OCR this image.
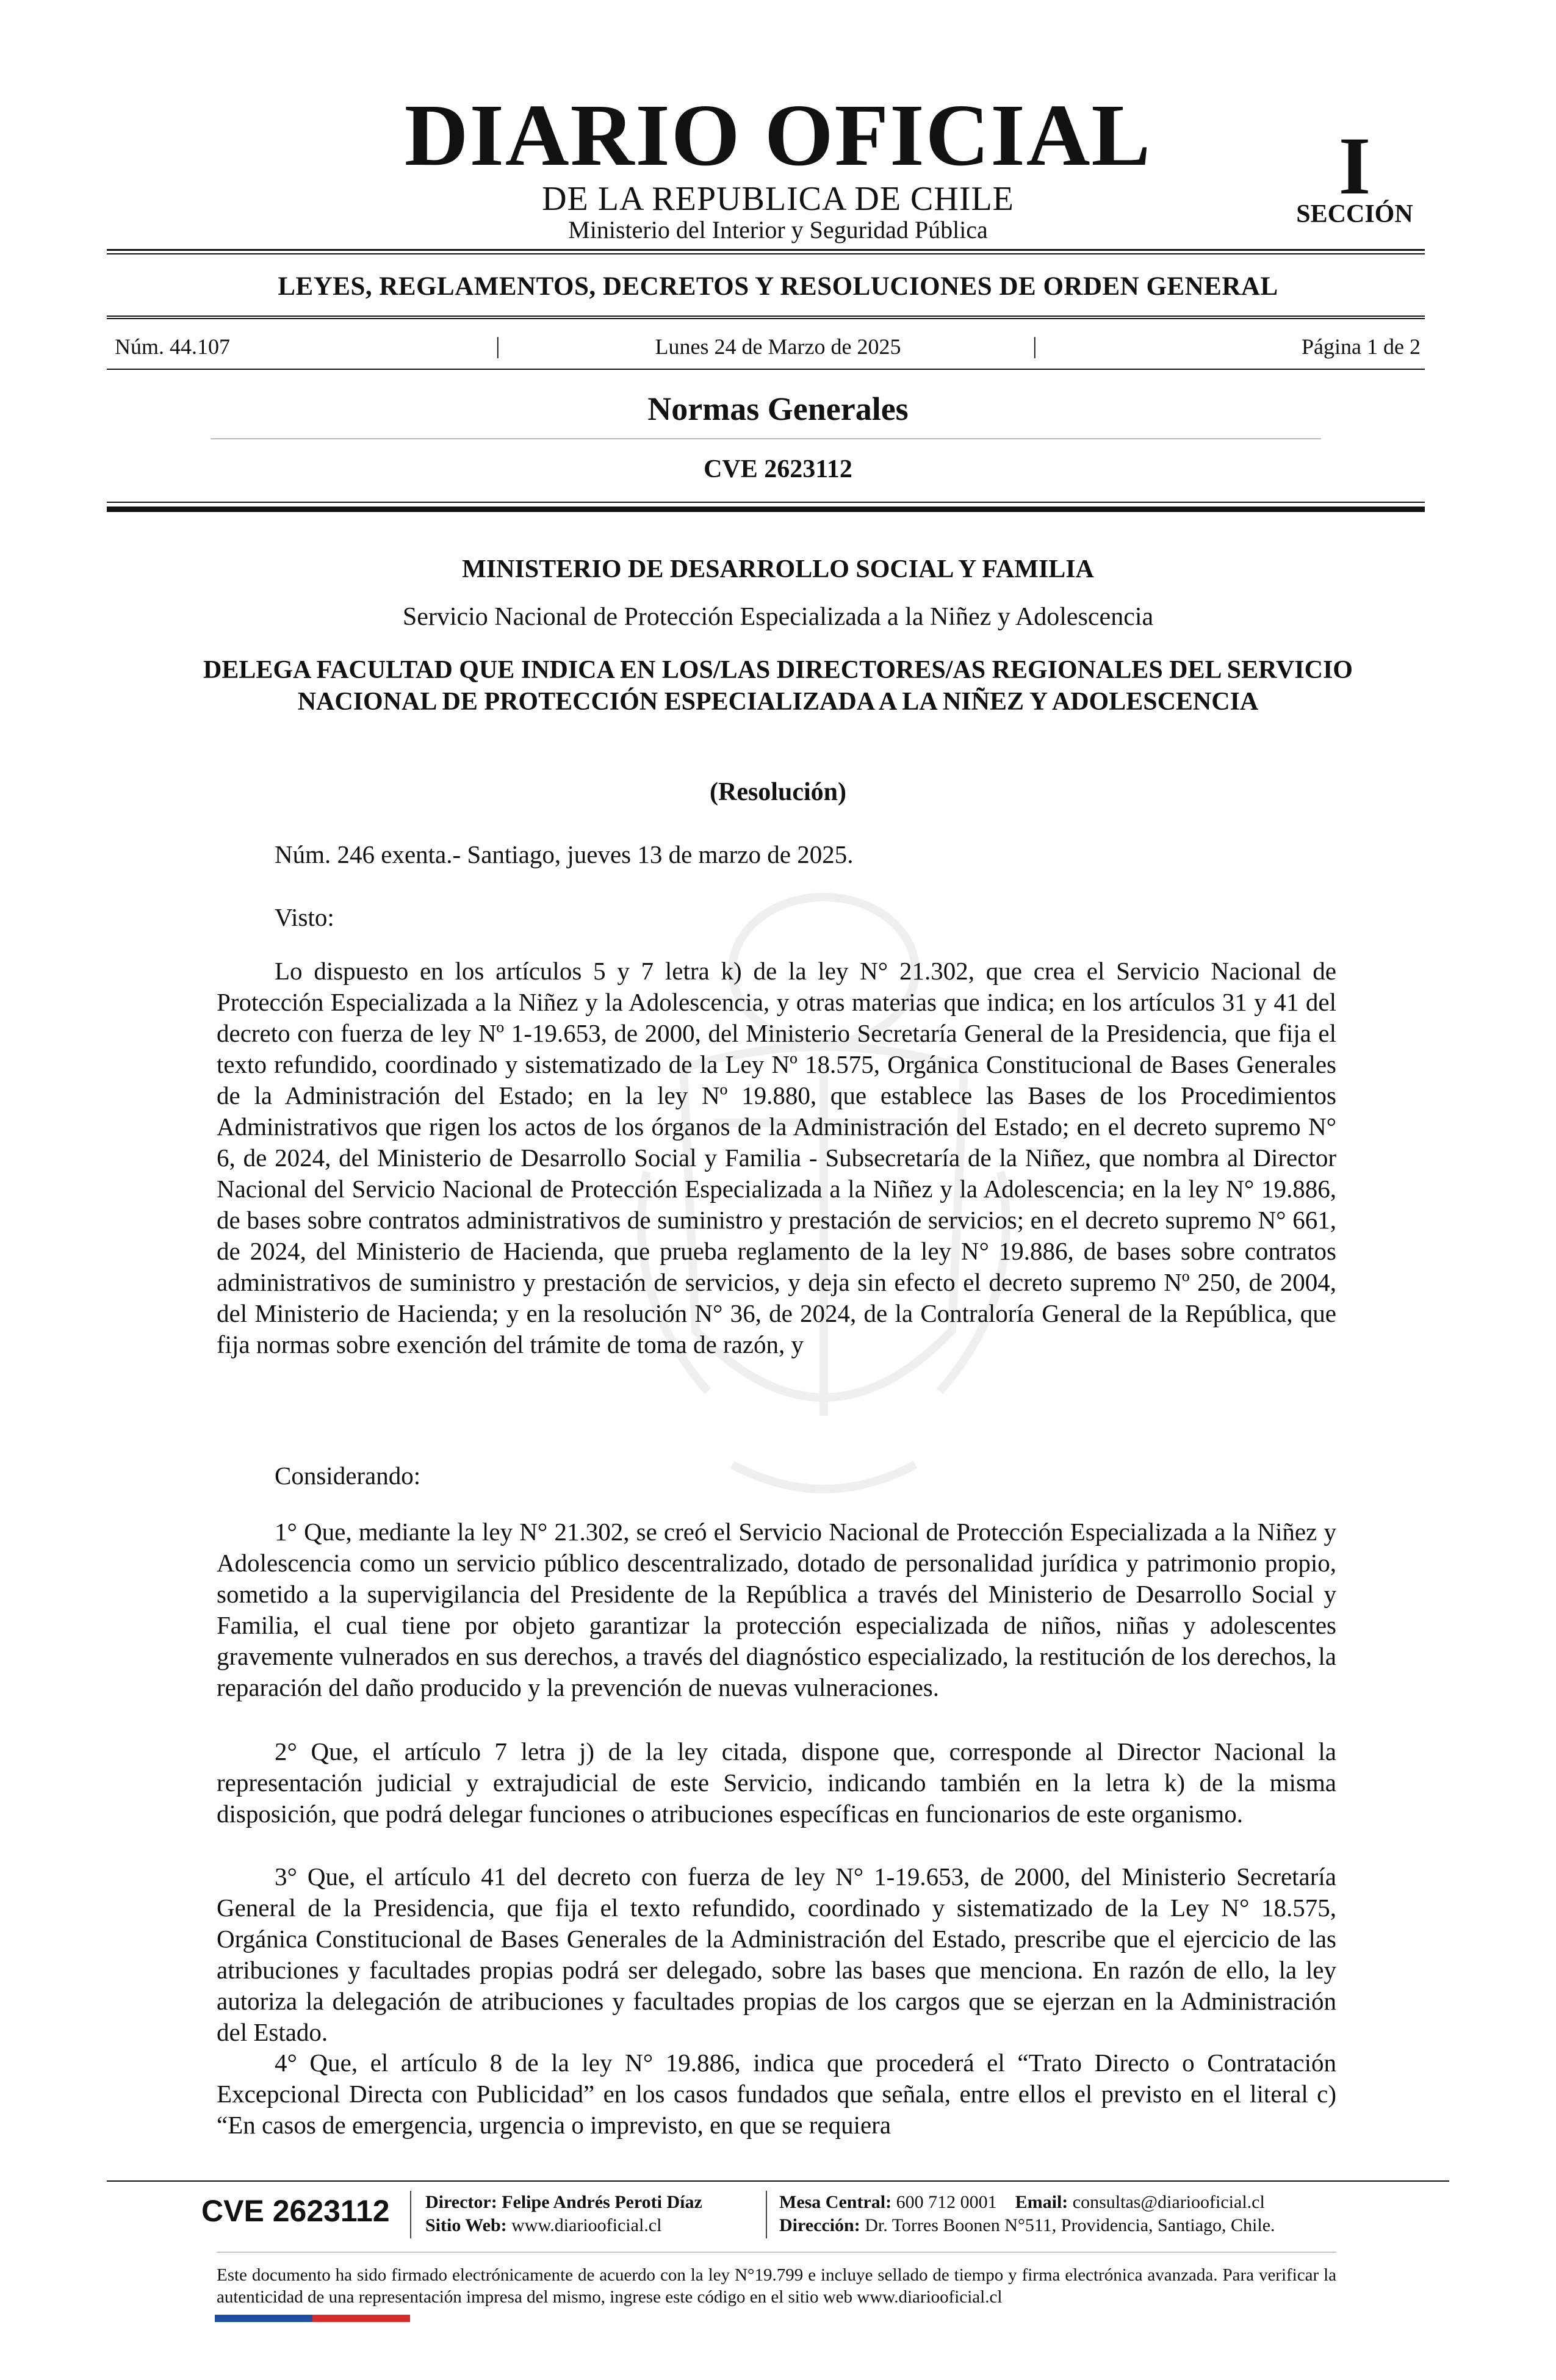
DIARIO OFICIAL
DE LA REPUBLICA DE CHILE
Ministerio del Interior y Seguridad Pública
I
SECCIÓN
LEYES, REGLAMENTOS, DECRETOS Y RESOLUCIONES DE ORDEN GENERAL
Núm. 44.107	|	Lunes 24 de Marzo de 2025	|	Página 1 de 2
Normas Generales
CVE 2623112
MINISTERIO DE DESARROLLO SOCIAL Y FAMILIA
Servicio Nacional de Protección Especializada a la Niñez y Adolescencia
DELEGA FACULTAD QUE INDICA EN LOS/LAS DIRECTORES/AS REGIONALES DEL SERVICIO NACIONAL DE PROTECCIÓN ESPECIALIZADA A LA NIÑEZ Y ADOLESCENCIA
(Resolución)
Núm. 246 exenta.- Santiago, jueves 13 de marzo de 2025.
Visto:

Lo dispuesto en los artículos 5 y 7 letra k) de la ley N° 21.302, que crea el Servicio Nacional de Protección Especializada a la Niñez y la Adolescencia, y otras materias que indica; en los artículos 31 y 41 del decreto con fuerza de ley Nº 1-19.653, de 2000, del Ministerio Secretaría General de la Presidencia, que fija el texto refundido, coordinado y sistematizado de la Ley Nº 18.575, Orgánica Constitucional de Bases Generales de la Administración del Estado; en la ley Nº 19.880, que establece las Bases de los Procedimientos Administrativos que rigen los actos de los órganos de la Administración del Estado; en el decreto supremo N° 6, de 2024, del Ministerio de Desarrollo Social y Familia - Subsecretaría de la Niñez, que nombra al Director Nacional del Servicio Nacional de Protección Especializada a la Niñez y la Adolescencia; en la ley N° 19.886, de bases sobre contratos administrativos de suministro y prestación de servicios; en el decreto supremo N° 661, de 2024, del Ministerio de Hacienda, que prueba reglamento de la ley N° 19.886, de bases sobre contratos administrativos de suministro y prestación de servicios, y deja sin efecto el decreto supremo Nº 250, de 2004, del Ministerio de Hacienda; y en la resolución N° 36, de 2024, de la Contraloría General de la República, que fija normas sobre exención del trámite de toma de razón, y

Considerando:

1° Que, mediante la ley N° 21.302, se creó el Servicio Nacional de Protección Especializada a la Niñez y Adolescencia como un servicio público descentralizado, dotado de personalidad jurídica y patrimonio propio, sometido a la supervigilancia del Presidente de la República a través del Ministerio de Desarrollo Social y Familia, el cual tiene por objeto garantizar la protección especializada de niños, niñas y adolescentes gravemente vulnerados en sus derechos, a través del diagnóstico especializado, la restitución de los derechos, la reparación del daño producido y la prevención de nuevas vulneraciones.

2° Que, el artículo 7 letra j) de la ley citada, dispone que, corresponde al Director Nacional la representación judicial y extrajudicial de este Servicio, indicando también en la letra k) de la misma disposición, que podrá delegar funciones o atribuciones específicas en funcionarios de este organismo.

3° Que, el artículo 41 del decreto con fuerza de ley N° 1-19.653, de 2000, del Ministerio Secretaría General de la Presidencia, que fija el texto refundido, coordinado y sistematizado de la Ley N° 18.575, Orgánica Constitucional de Bases Generales de la Administración del Estado, prescribe que el ejercicio de las atribuciones y facultades propias podrá ser delegado, sobre las bases que menciona. En razón de ello, la ley autoriza la delegación de atribuciones y facultades propias de los cargos que se ejerzan en la Administración del Estado.

4° Que, el artículo 8 de la ley N° 19.886, indica que procederá el “Trato Directo o Contratación Excepcional Directa con Publicidad” en los casos fundados que señala, entre ellos el previsto en el literal c) “En casos de emergencia, urgencia o imprevisto, en que se requiera

CVE 2623112 Director: Felipe Andrés Peroti Díaz
Sitio Web: www.diariooficial.cl
Mesa Central: 600 712 0001 Email: consultas@diariooficial.cl
Dirección: Dr. Torres Boonen N°511, Providencia, Santiago, Chile.

Este documento ha sido firmado electrónicamente de acuerdo con la ley N°19.799 e incluye sellado de tiempo y firma electrónica avanzada. Para verificar la autenticidad de una representación impresa del mismo, ingrese este código en el sitio web www.diariooficial.cl
